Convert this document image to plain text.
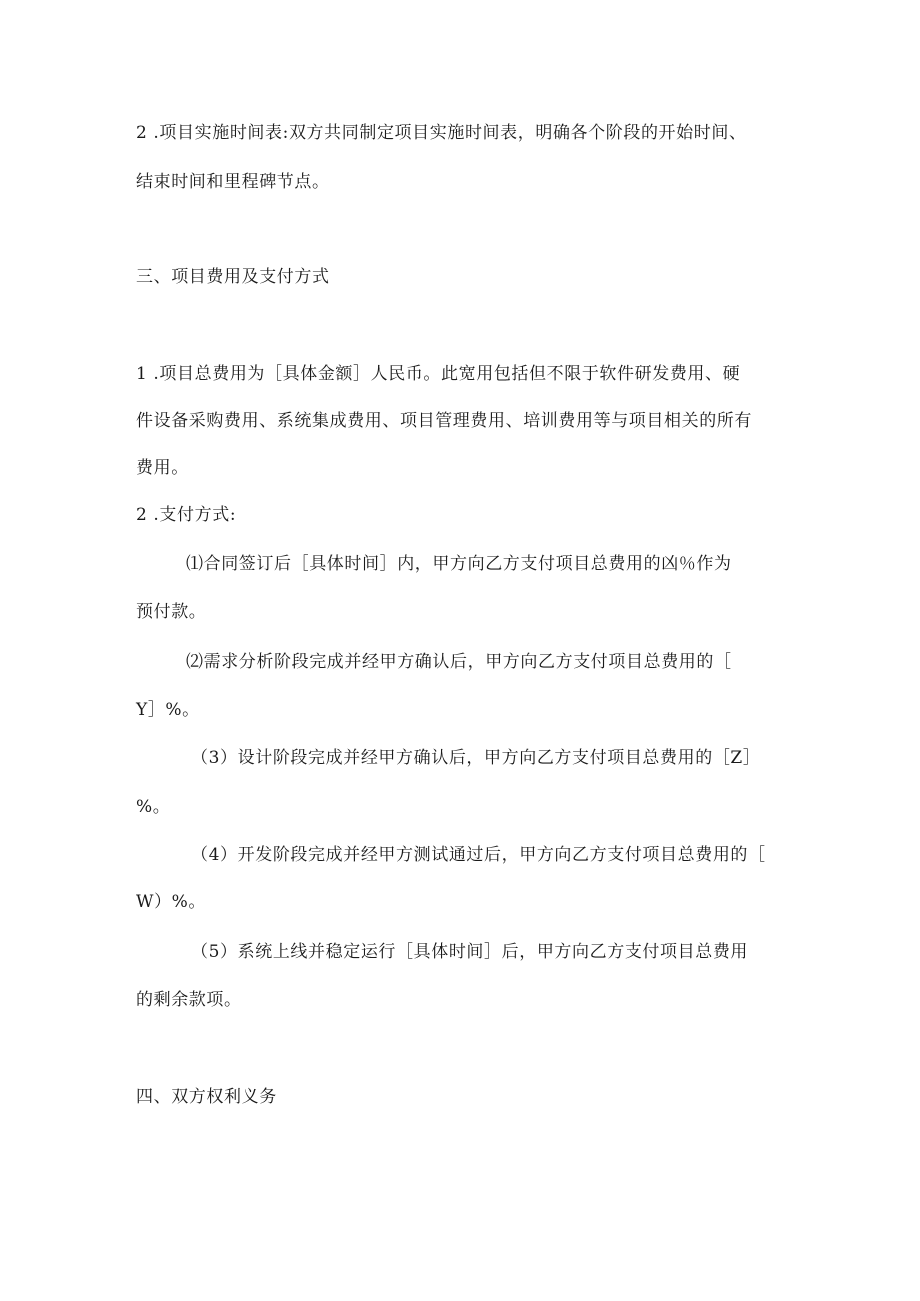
2 .项目实施时间表:双方共同制定项目实施时间表，明确各个阶段的开始时间、
结束时间和里程碑节点。
三、项目费用及支付方式
1 .项目总费用为［具体金额］人民币。此宽用包括但不限于软件研发费用、硬
件设备采购费用、系统集成费用、项目管理费用、培训费用等与项目相关的所有
费用。
2 .支付方式:
⑴合同签订后［具体时间］内，甲方向乙方支付项目总费用的凶％作为
预付款。
⑵需求分析阶段完成并经甲方确认后，甲方向乙方支付项目总费用的［
Y］%。
（3）设计阶段完成并经甲方确认后，甲方向乙方支付项目总费用的［Z］
%。
（4）开发阶段完成并经甲方测试通过后，甲方向乙方支付项目总费用的［
W）%。
（5）系统上线并稳定运行［具体时间］后，甲方向乙方支付项目总费用
的剩余款项。
四、双方权利义务
